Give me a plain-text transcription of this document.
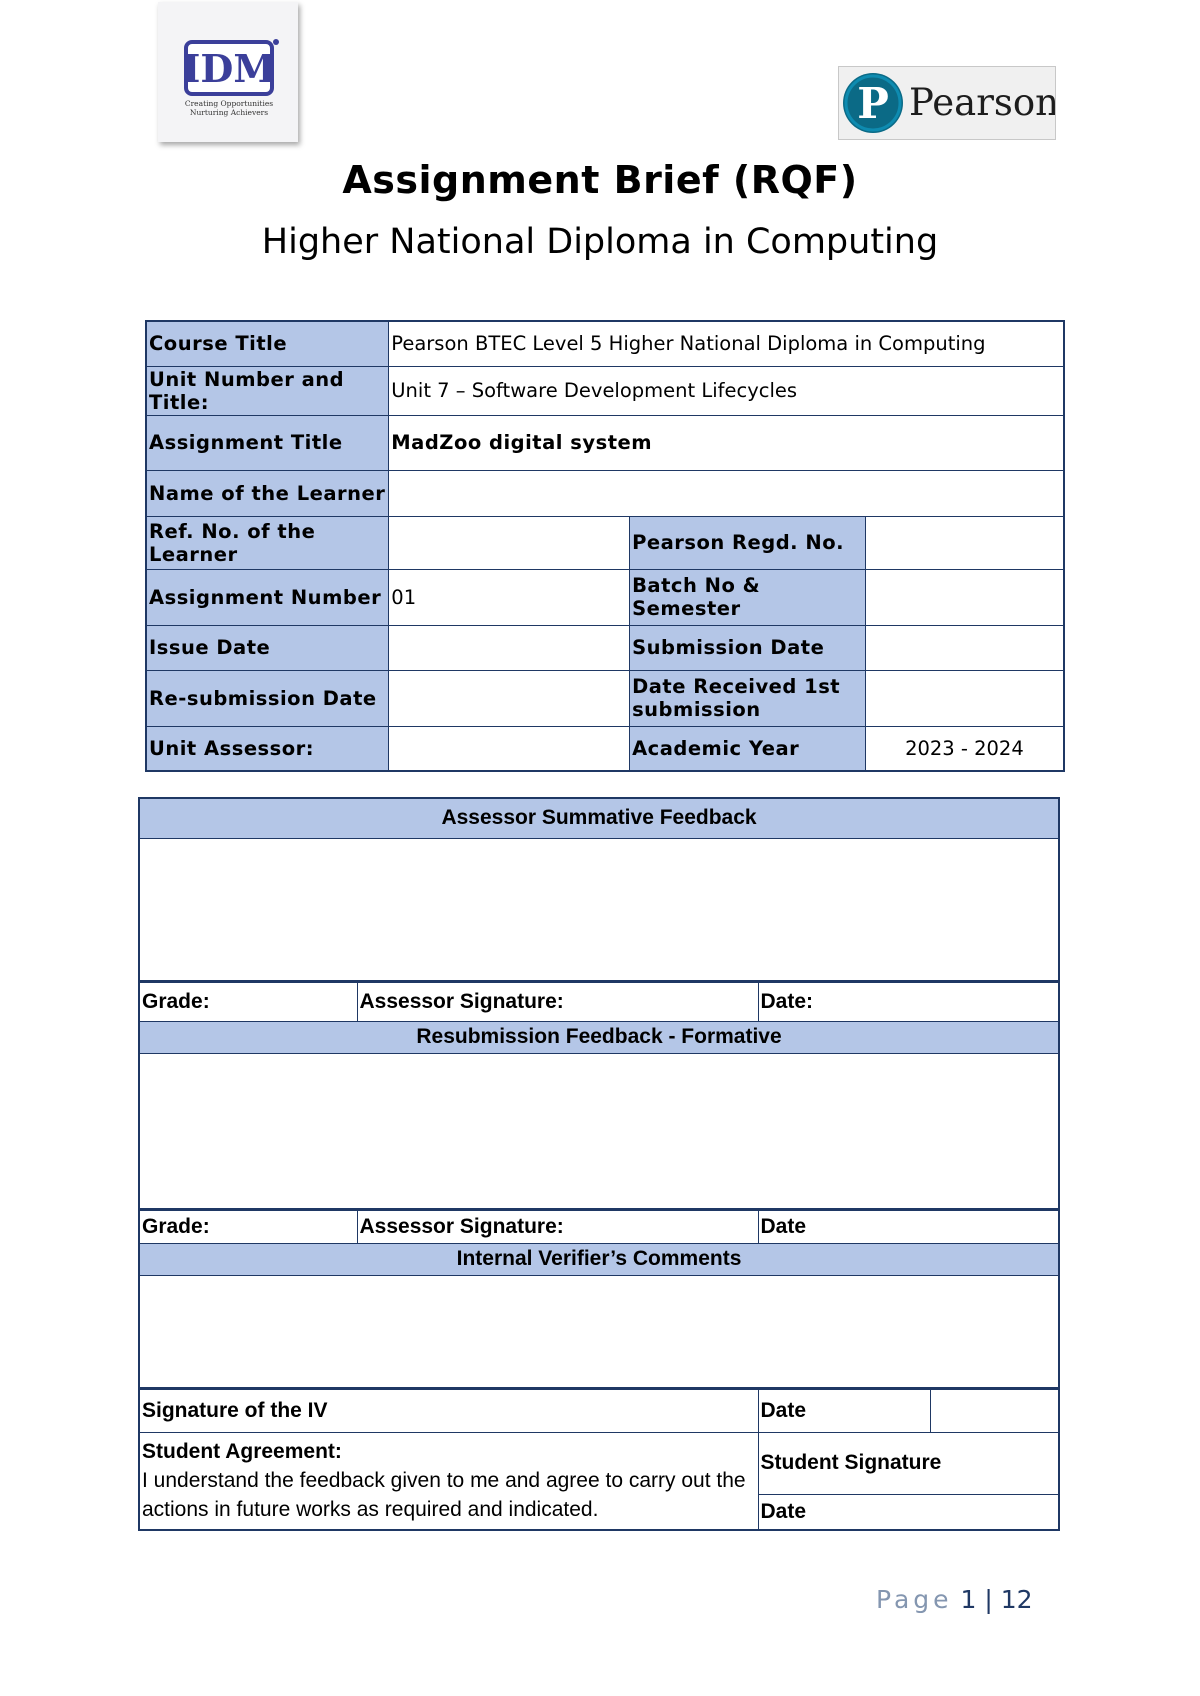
IDM
Creating Opportunities
Nurturing Achievers	P Pearson
Assignment Brief (RQF)
Higher National Diploma in Computing
Course Title	Pearson BTEC Level 5 Higher National Diploma in Computing		
Unit Number and Title:	Unit 7 – Software Development Lifecycles		
Assignment Title	MadZoo digital system		
Name of the Learner			
Ref. No. of the Learner		Pearson Regd. No.	
Assignment Number	01	Batch No & Semester	
Issue Date		Submission Date	
Re-submission Date		Date Received 1st submission	
Unit Assessor:		Academic Year	2023 - 2024
Assessor Summative Feedback			

Grade:	Assessor Signature:	Date:	
Resubmission Feedback - Formative			

Grade:	Assessor Signature:	Date	
Internal Verifier’s Comments			

Signature of the IV		Date	

Student Agreement:
I understand the feedback given to me and agree to carry out the actions in future works as required and indicated.		Student Signature	
		Date	
Page 1 | 12
